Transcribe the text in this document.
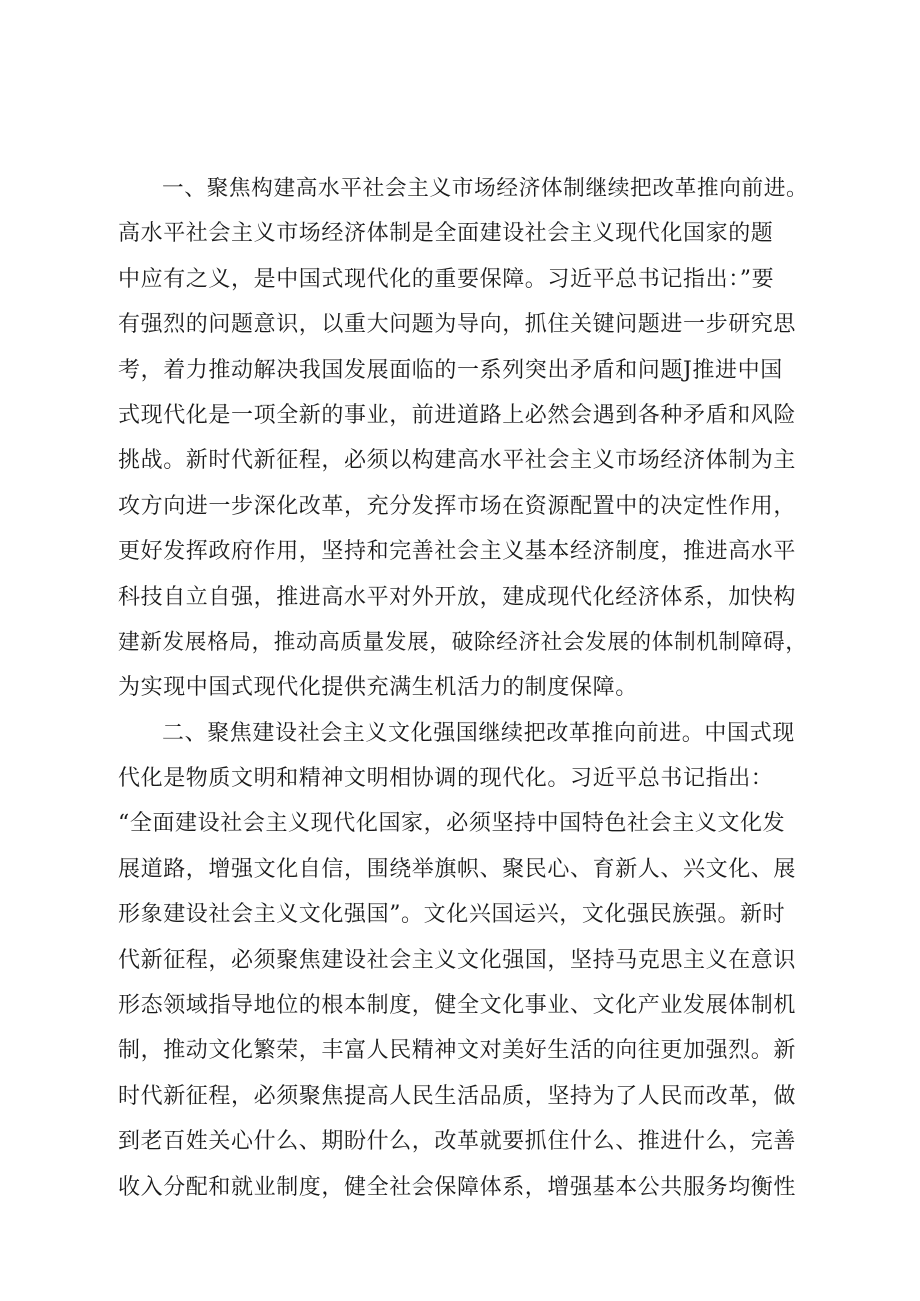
一、聚焦构建高水平社会主义市场经济体制继续把改革推向前进。
高水平社会主义市场经济体制是全面建设社会主义现代化国家的题
中应有之义，是中国式现代化的重要保障。习近平总书记指出：”要
有强烈的问题意识，以重大问题为导向，抓住关键问题进一步研究思
考，着力推动解决我国发展面临的一系列突出矛盾和问题J推进中国
式现代化是一项全新的事业，前进道路上必然会遇到各种矛盾和风险
挑战。新时代新征程，必须以构建高水平社会主义市场经济体制为主
攻方向进一步深化改革，充分发挥市场在资源配置中的决定性作用，
更好发挥政府作用，坚持和完善社会主义基本经济制度，推进高水平
科技自立自强，推进高水平对外开放，建成现代化经济体系，加快构
建新发展格局，推动高质量发展，破除经济社会发展的体制机制障碍，
为实现中国式现代化提供充满生机活力的制度保障。
二、聚焦建设社会主义文化强国继续把改革推向前进。中国式现
代化是物质文明和精神文明相协调的现代化。习近平总书记指出：
“全面建设社会主义现代化国家，必须坚持中国特色社会主义文化发
展道路，增强文化自信，围绕举旗帜、聚民心、育新人、兴文化、展
形象建设社会主义文化强国”。文化兴国运兴，文化强民族强。新时
代新征程，必须聚焦建设社会主义文化强国，坚持马克思主义在意识
形态领域指导地位的根本制度，健全文化事业、文化产业发展体制机
制，推动文化繁荣，丰富人民精神文对美好生活的向往更加强烈。新
时代新征程，必须聚焦提高人民生活品质，坚持为了人民而改革，做
到老百姓关心什么、期盼什么，改革就要抓住什么、推进什么，完善
收入分配和就业制度，健全社会保障体系，增强基本公共服务均衡性
